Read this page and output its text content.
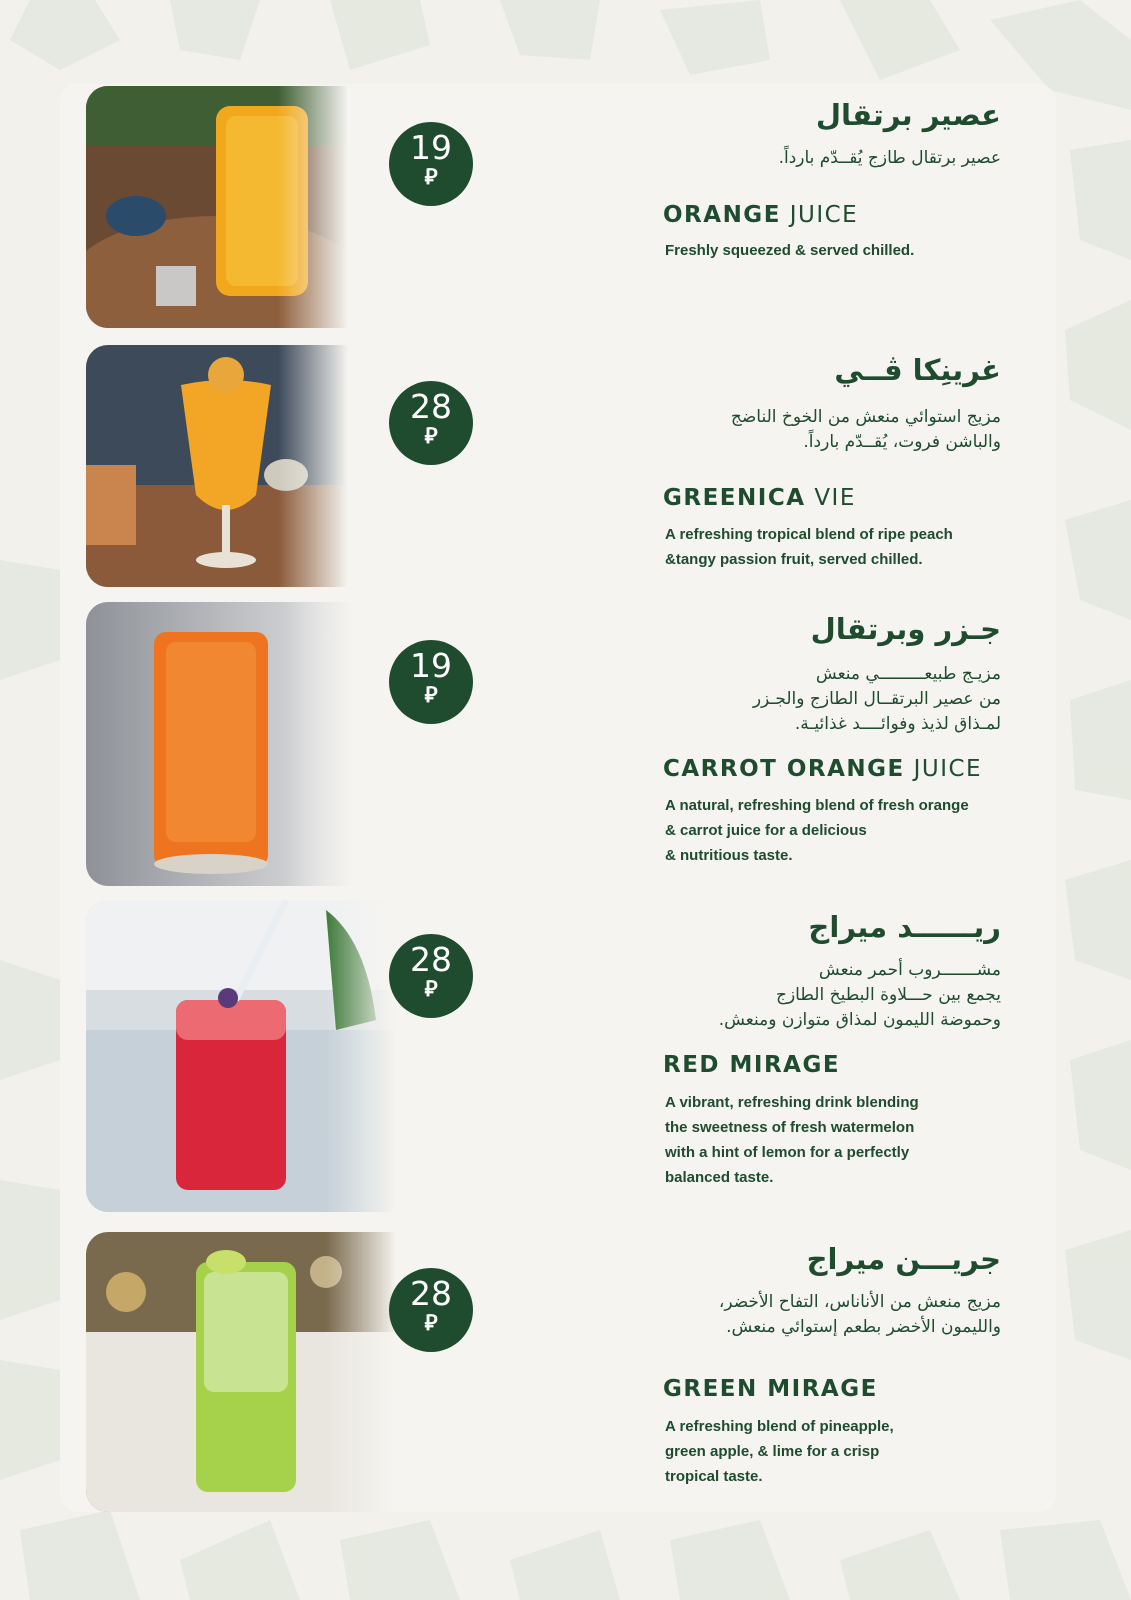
19
⃁
عصير برتقال
عصير برتقال طازج يُقــدّم بارداً.
ORANGE JUICE
Freshly squeezed & served chilled.
28
⃁
غرينِكا ڤــي
مزيج استوائي منعش من الخوخ الناضج
والباشن فروت، يُقــدّم بارداً.
GREENICA VIE
A refreshing tropical blend of ripe peach
&tangy passion fruit, served chilled.
19
⃁
جـزر وبرتقال
مزيـج طبيعـــــــــي منعش
من عصير البرتقــال الطازج والجـزر
لمـذاق لذيذ وفوائــــد غذائيـة.
CARROT ORANGE JUICE
A natural, refreshing blend of fresh orange
& carrot juice for a delicious
& nutritious taste.
28
⃁
ريــــــد ميراج
مشـــــــروب أحمر منعش
يجمع بين حـــلاوة البطيخ الطازج
وحموضة الليمون لمذاق متوازن ومنعش.
RED MIRAGE
A vibrant, refreshing drink blending
the sweetness of fresh watermelon
with a hint of lemon for a perfectly
balanced taste.
28
⃁
جريـــن ميراج
مزيج منعش من الأناناس، التفاح الأخضر،
والليمون الأخضر بطعم إستوائي منعش.
GREEN MIRAGE
A refreshing blend of pineapple,
green apple, & lime for a crisp
tropical taste.
